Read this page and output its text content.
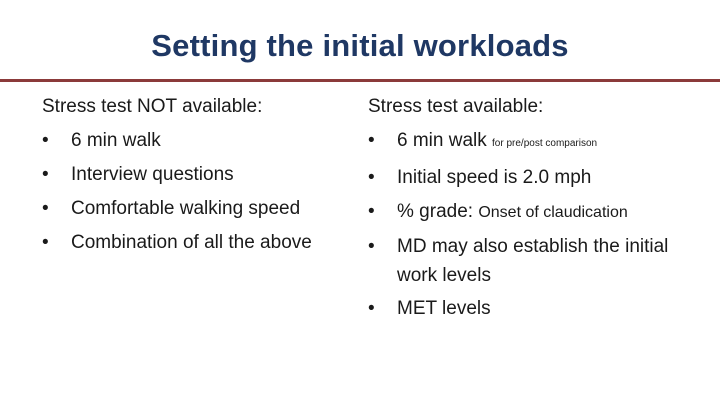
Setting the initial workloads
Stress test NOT available:
• 6 min walk
• Interview questions
• Comfortable walking speed
• Combination of all the above
Stress test available:
• 6 min walk for pre/post comparison
• Initial speed is 2.0 mph
• % grade: Onset of claudication
• MD may also establish the initial work levels
• MET levels
